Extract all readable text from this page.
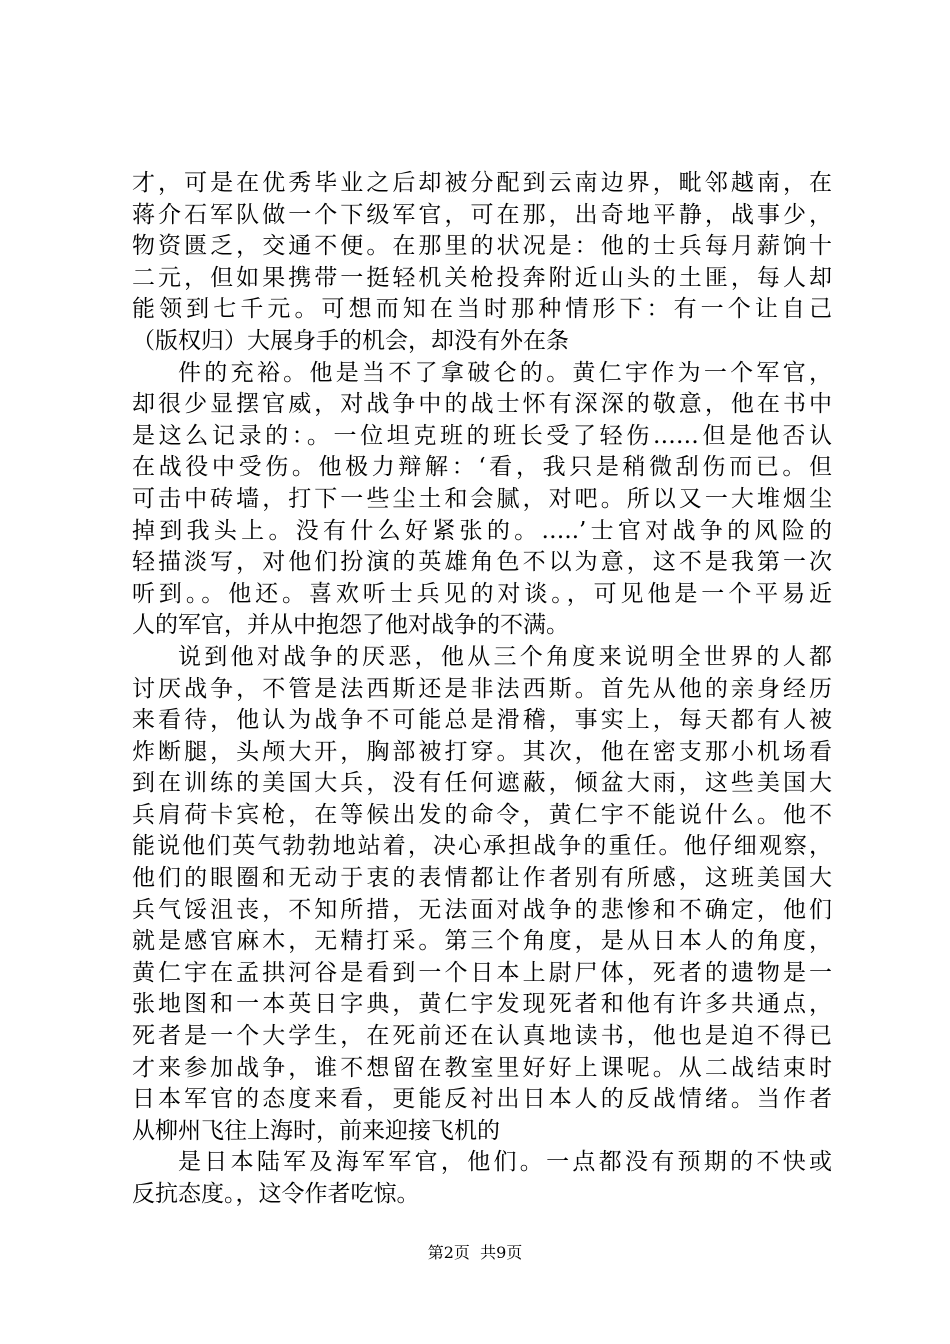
才，可是在优秀毕业之后却被分配到云南边界，毗邻越南，在
蒋介石军队做一个下级军官，可在那，出奇地平静，战事少，
物资匮乏，交通不便。在那里的状况是：他的士兵每月薪饷十
二元，但如果携带一挺轻机关枪投奔附近山头的土匪，每人却
能领到七千元。可想而知在当时那种情形下：有一个让自己
（版权归）大展身手的机会，却没有外在条
件的充裕。他是当不了拿破仑的。黄仁宇作为一个军官，
却很少显摆官威，对战争中的战士怀有深深的敬意，他在书中
是这么记录的：。一位坦克班的班长受了轻伤……但是他否认
在战役中受伤。他极力辩解：‘看，我只是稍微刮伤而已。但
可击中砖墙，打下一些尘土和会腻，对吧。所以又一大堆烟尘
掉到我头上。没有什么好紧张的。…..’士官对战争的风险的
轻描淡写，对他们扮演的英雄角色不以为意，这不是我第一次
听到。。他还。喜欢听士兵见的对谈。，可见他是一个平易近
人的军官，并从中抱怨了他对战争的不满。
说到他对战争的厌恶，他从三个角度来说明全世界的人都
讨厌战争，不管是法西斯还是非法西斯。首先从他的亲身经历
来看待，他认为战争不可能总是滑稽，事实上，每天都有人被
炸断腿，头颅大开，胸部被打穿。其次，他在密支那小机场看
到在训练的美国大兵，没有任何遮蔽，倾盆大雨，这些美国大
兵肩荷卡宾枪，在等候出发的命令，黄仁宇不能说什么。他不
能说他们英气勃勃地站着，决心承担战争的重任。他仔细观察，
他们的眼圈和无动于衷的表情都让作者别有所感，这班美国大
兵气馁沮丧，不知所措，无法面对战争的悲惨和不确定，他们
就是感官麻木，无精打采。第三个角度，是从日本人的角度，
黄仁宇在孟拱河谷是看到一个日本上尉尸体，死者的遗物是一
张地图和一本英日字典，黄仁宇发现死者和他有许多共通点，
死者是一个大学生，在死前还在认真地读书，他也是迫不得已
才来参加战争，谁不想留在教室里好好上课呢。从二战结束时
日本军官的态度来看，更能反衬出日本人的反战情绪。当作者
从柳州飞往上海时，前来迎接飞机的
是日本陆军及海军军官，他们。一点都没有预期的不快或
反抗态度。，这令作者吃惊。
第2页 共9页
